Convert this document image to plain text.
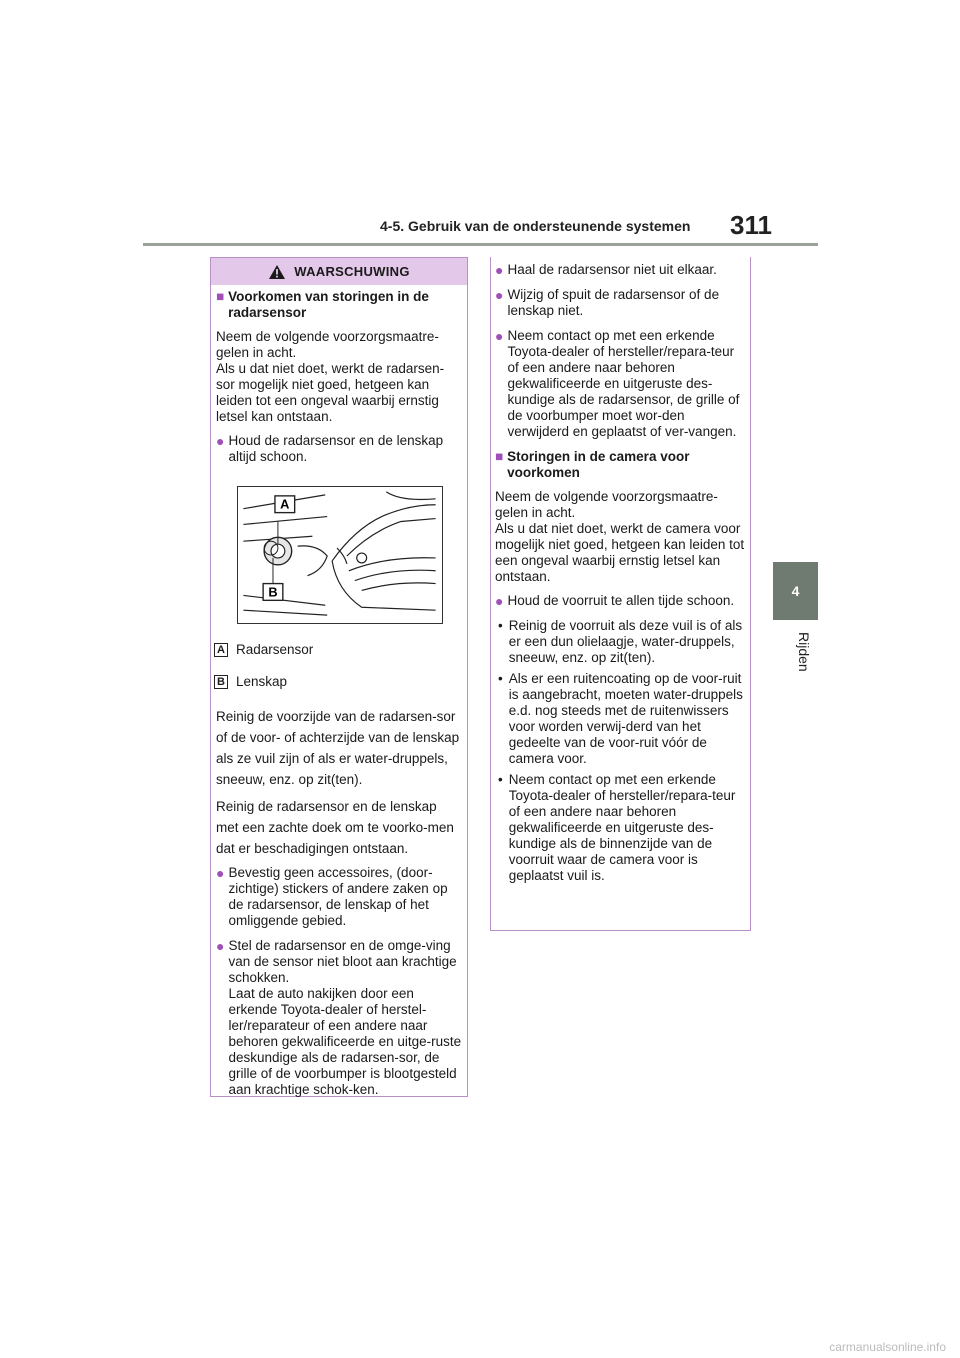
4-5. Gebruik van de ondersteunende systemen 311
4
Rijden
WAARSCHUWING
■ Voorkomen van storingen in de radarsensor

Neem de volgende voorzorgsmaatre-gelen in acht.
Als u dat niet doet, werkt de radarsen-sor mogelijk niet goed, hetgeen kan leiden tot een ongeval waarbij ernstig letsel kan ontstaan.

● Houd de radarsensor en de lenskap altijd schoon.
A
B
A Radarsensor
B Lenskap

Reinig de voorzijde van de radarsen-sor of de voor- of achterzijde van de lenskap als ze vuil zijn of als er water-druppels, sneeuw, enz. op zit(ten).

Reinig de radarsensor en de lenskap met een zachte doek om te voorko-men dat er beschadigingen ontstaan.

● Bevestig geen accessoires, (door-zichtige) stickers of andere zaken op de radarsensor, de lenskap of het omliggende gebied.
● Stel de radarsensor en de omge-ving van de sensor niet bloot aan krachtige schokken.
Laat de auto nakijken door een erkende Toyota-dealer of herstel-ler/reparateur of een andere naar behoren gekwalificeerde en uitge-ruste deskundige als de radarsen-sor, de grille of de voorbumper is blootgesteld aan krachtige schok-ken.
● Haal de radarsensor niet uit elkaar.
● Wijzig of spuit de radarsensor of de lenskap niet.
● Neem contact op met een erkende Toyota-dealer of hersteller/repara-teur of een andere naar behoren gekwalificeerde en uitgeruste des-kundige als de radarsensor, de grille of de voorbumper moet wor-den verwijderd en geplaatst of ver-vangen.
■ Storingen in de camera voor voorkomen

Neem de volgende voorzorgsmaatre-gelen in acht.
Als u dat niet doet, werkt de camera voor mogelijk niet goed, hetgeen kan leiden tot een ongeval waarbij ernstig letsel kan ontstaan.

● Houd de voorruit te allen tijde schoon.
• Reinig de voorruit als deze vuil is of als er een dun olielaagje, water-druppels, sneeuw, enz. op zit(ten).
• Als er een ruitencoating op de voor-ruit is aangebracht, moeten water-druppels e.d. nog steeds met de ruitenwissers voor worden verwij-derd van het gedeelte van de voor-ruit vóór de camera voor.
• Neem contact op met een erkende Toyota-dealer of hersteller/repara-teur of een andere naar behoren gekwalificeerde en uitgeruste des-kundige als de binnenzijde van de voorruit waar de camera voor is geplaatst vuil is.
carmanualsonline.info
